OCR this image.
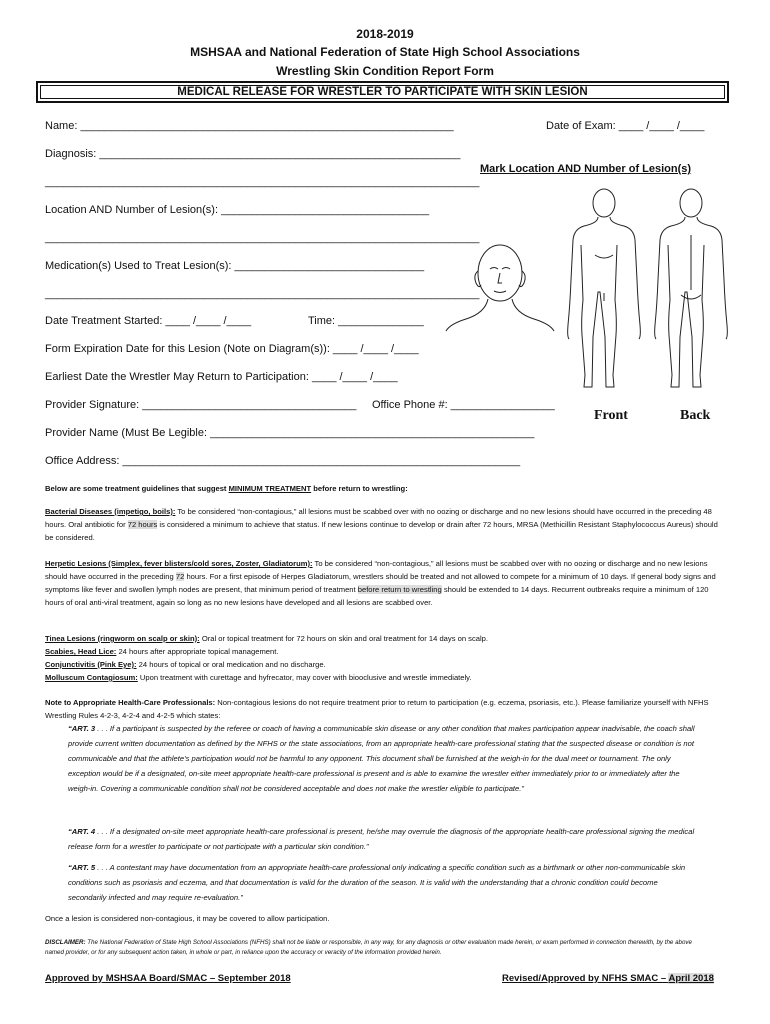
2018-2019
MSHSAA and National Federation of State High School Associations
Wrestling Skin Condition Report Form
MEDICAL RELEASE FOR WRESTLER TO PARTICIPATE WITH SKIN LESION
Name: _____________________________________________________________	Date of Exam: ____ /____ /____
Diagnosis: ___________________________________________________________
_______________________________________________________________________
Location AND Number of Lesion(s): __________________________________
_______________________________________________________________________
Medication(s) Used to Treat Lesion(s): _______________________________
_______________________________________________________________________
Date Treatment Started: ____ /____ /____	Time: ______________
Form Expiration Date for this Lesion (Note on Diagram(s)): ____ /____ /____
Earliest Date the Wrestler May Return to Participation: ____ /____ /____
Provider Signature: ___________________________________ Office Phone #: _________________
Provider Name (Must Be Legible: _____________________________________________________
Office Address: _________________________________________________________________
Mark Location AND Number of Lesion(s)
Front	Back
Below are some treatment guidelines that suggest MINIMUM TREATMENT before return to wrestling:
Bacterial Diseases (impetigo, boils): To be considered “non-contagious,” all lesions must be scabbed over with no oozing or discharge and no new lesions should have occurred in the preceding 48 hours. Oral antibiotic for 72 hours is considered a minimum to achieve that status. If new lesions continue to develop or drain after 72 hours, MRSA (Methicillin Resistant Staphylococcus Aureus) should be considered.
Herpetic Lesions (Simplex, fever blisters/cold sores, Zoster, Gladiatorum): To be considered “non-contagious,” all lesions must be scabbed over with no oozing or discharge and no new lesions should have occurred in the preceding 72 hours. For a first episode of Herpes Gladiatorum, wrestlers should be treated and not allowed to compete for a minimum of 10 days. If general body signs and symptoms like fever and swollen lymph nodes are present, that minimum period of treatment before return to wrestling should be extended to 14 days. Recurrent outbreaks require a minimum of 120 hours of oral anti-viral treatment, again so long as no new lesions have developed and all lesions are scabbed over.
Tinea Lesions (ringworm on scalp or skin): Oral or topical treatment for 72 hours on skin and oral treatment for 14 days on scalp.
Scabies, Head Lice: 24 hours after appropriate topical management.
Conjunctivitis (Pink Eye): 24 hours of topical or oral medication and no discharge.
Molluscum Contagiosum: Upon treatment with curettage and hyfrecator, may cover with biooclusive and wrestle immediately.
Note to Appropriate Health-Care Professionals: Non-contagious lesions do not require treatment prior to return to participation (e.g. eczema, psoriasis, etc.). Please familiarize yourself with NFHS Wrestling Rules 4-2-3, 4-2-4 and 4-2-5 which states:
“ART. 3 . . . If a participant is suspected by the referee or coach of having a communicable skin disease or any other condition that makes participation appear inadvisable, the coach shall provide current written documentation as defined by the NFHS or the state associations, from an appropriate health-care professional stating that the suspected disease or condition is not communicable and that the athlete’s participation would not be harmful to any opponent. This document shall be furnished at the weigh-in for the dual meet or tournament. The only exception would be if a designated, on-site meet appropriate health-care professional is present and is able to examine the wrestler either immediately prior to or immediately after the weigh-in. Covering a communicable condition shall not be considered acceptable and does not make the wrestler eligible to participate.”
“ART. 4 . . . If a designated on-site meet appropriate health-care professional is present, he/she may overrule the diagnosis of the appropriate health-care professional signing the medical release form for a wrestler to participate or not participate with a particular skin condition.”
“ART. 5 . . . A contestant may have documentation from an appropriate health-care professional only indicating a specific condition such as a birthmark or other non-communicable skin conditions such as psoriasis and eczema, and that documentation is valid for the duration of the season. It is valid with the understanding that a chronic condition could become secondarily infected and may require re-evaluation.”
Once a lesion is considered non-contagious, it may be covered to allow participation.
DISCLAIMER: The National Federation of State High School Associations (NFHS) shall not be liable or responsible, in any way, for any diagnosis or other evaluation made herein, or exam performed in connection therewith, by the above named provider, or for any subsequent action taken, in whole or part, in reliance upon the accuracy or veracity of the information provided herein.
Approved by MSHSAA Board/SMAC – September 2018	Revised/Approved by NFHS SMAC – April 2018
